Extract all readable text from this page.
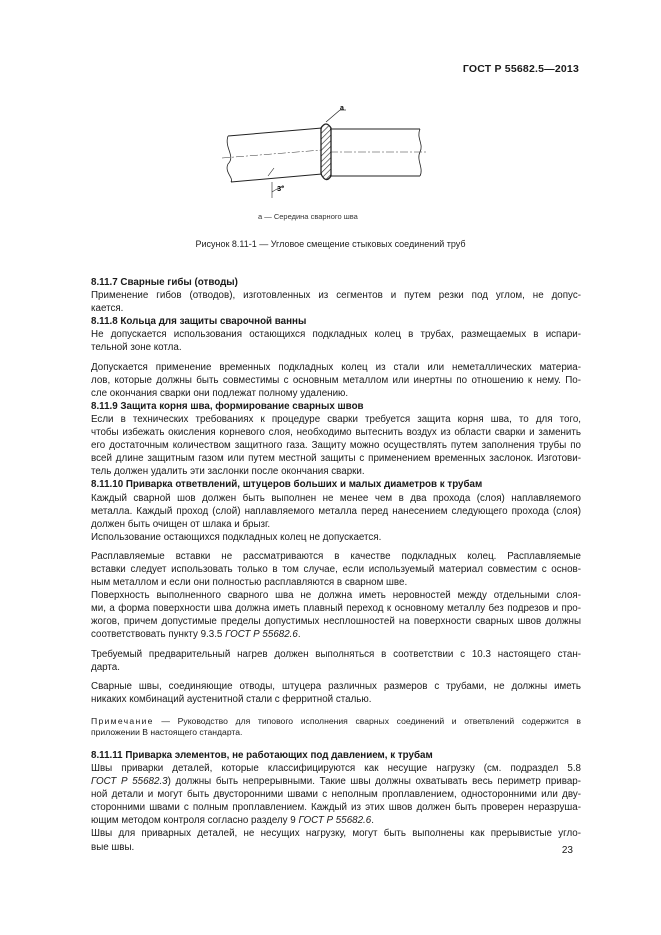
ГОСТ Р 55682.5—2013
a
3°
a — Середина сварного шва
Рисунок 8.11-1 — Угловое смещение стыковых соединений труб

8.11.7 Сварные гибы (отводы)

Применение гибов (отводов), изготовленных из сегментов и путем резки под углом, не допус-

кается.

8.11.8 Кольца для защиты сварочной ванны

Не допускается использования остающихся подкладных колец в трубах, размещаемых в испари-

тельной зоне котла.

Допускается применение временных подкладных колец из стали или неметаллических материа-

лов, которые должны быть совместимы с основным металлом или инертны по отношению к нему. По-

сле окончания сварки они подлежат полному удалению.

8.11.9 Защита корня шва, формирование сварных швов

Если в технических требованиях к процедуре сварки требуется защита корня шва, то для того,

чтобы избежать окисления корневого слоя, необходимо вытеснить воздух из области сварки и заменить

его достаточным количеством защитного газа. Защиту можно осуществлять путем заполнения трубы по

всей длине защитным газом или путем местной защиты с применением временных заслонок. Изготови-

тель должен удалить эти заслонки после окончания сварки.

8.11.10 Приварка ответвлений, штуцеров больших и малых диаметров к трубам

Каждый сварной шов должен быть выполнен не менее чем в два прохода (слоя) наплавляемого

металла. Каждый проход (слой) наплавляемого металла перед нанесением следующего прохода (слоя)

должен быть очищен от шлака и брызг.

Использование остающихся подкладных колец не допускается.

Расплавляемые вставки не рассматриваются в качестве подкладных колец. Расплавляемые

вставки следует использовать только в том случае, если используемый материал совместим с основ-

ным металлом и если они полностью расплавляются в сварном шве.

Поверхность выполненного сварного шва не должна иметь неровностей между отдельными слоя-

ми, а форма поверхности шва должна иметь плавный переход к основному металлу без подрезов и про-

жогов, причем допустимые пределы допустимых несплошностей на поверхности сварных швов должны

соответствовать пункту 9.3.5 ГОСТ Р 55682.6.

Требуемый предварительный нагрев должен выполняться в соответствии с 10.3 настоящего стан-

дарта.

Сварные швы, соединяющие отводы, штуцера различных размеров с трубами, не должны иметь

никаких комбинаций аустенитной стали с ферритной сталью.

Примечание — Руководство для типового исполнения сварных соединений и ответвлений содержится в

приложении В настоящего стандарта.

8.11.11 Приварка элементов, не работающих под давлением, к трубам

Швы приварки деталей, которые классифицируются как несущие нагрузку (см. подраздел 5.8

ГОСТ Р 55682.3) должны быть непрерывными. Такие швы должны охватывать весь периметр привар-

ной детали и могут быть двусторонними швами с неполным проплавлением, односторонними или дву-

сторонними швами с полным проплавлением. Каждый из этих швов должен быть проверен неразруша-

ющим методом контроля согласно разделу 9 ГОСТ Р 55682.6.

Швы для приварных деталей, не несущих нагрузку, могут быть выполнены как прерывистые угло-

вые швы.	23
